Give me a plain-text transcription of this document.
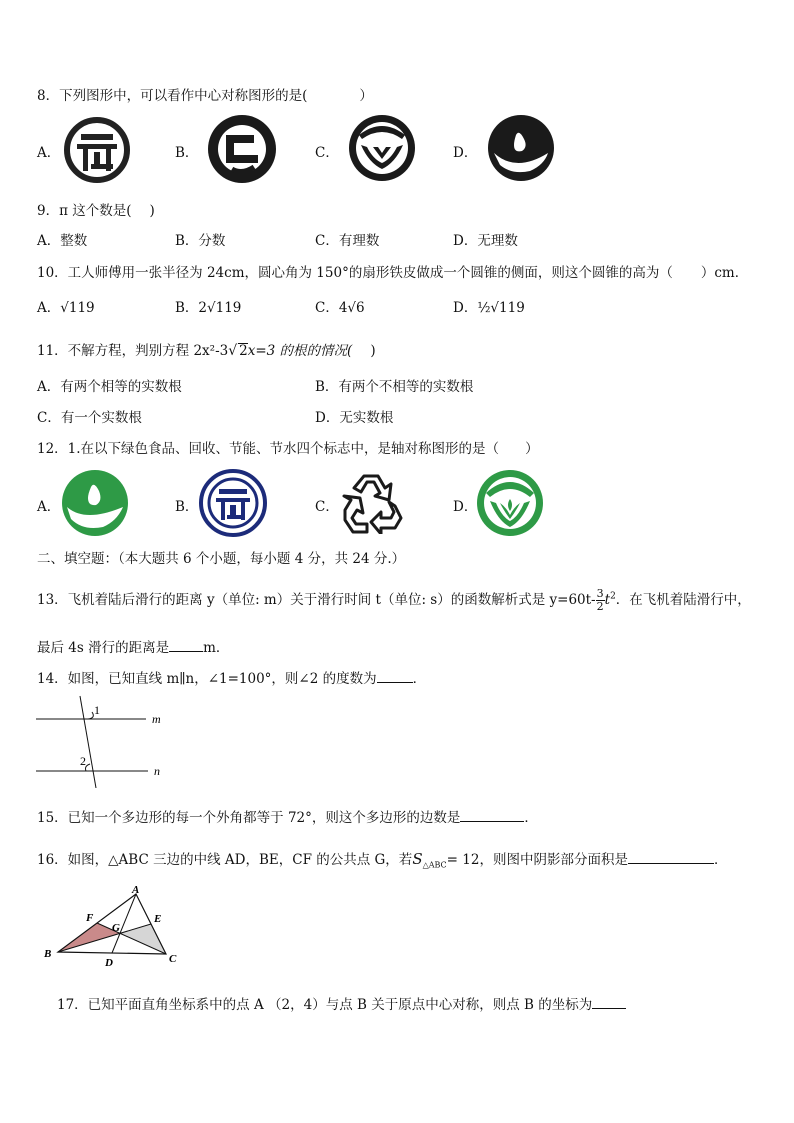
8．下列图形中，可以看作中心对称图形的是(	）
A．	B．	C．	D．
9．π 这个数是( )
A．整数	B．分数	C．有理数	D．无理数
10．工人师傅用一张半径为 24cm，圆心角为 150°的扇形铁皮做成一个圆锥的侧面，则这个圆锥的高为（ ）cm．
A．√119	B．2√119	C．4√6	D．½√119
11．不解方程，判别方程 2x²-3√ 2x=3 的根的情况( )
A．有两个相等的实数根	B．有两个不相等的实数根
C．有一个实数根	D．无实数根
12．1.在以下绿色食品、回收、节能、节水四个标志中，是轴对称图形的是（ ）
A．	B．	C．	D．
二、填空题：（本大题共 6 个小题，每小题 4 分，共 24 分.）
13．飞机着陆后滑行的距离 y（单位: m）关于滑行时间 t（单位: s）的函数解析式是 $y=60t- \frac{3}{2} t^2$．在飞机着陆滑行中，
最后 4s 滑行的距离是	m．
14．如图，已知直线 m∥n，∠1=100°，则∠2 的度数为	．
1
2
m
n
15．已知一个多边形的每一个外角都等于 72°，则这个多边形的边数是	．
16．如图，△ABC 三边的中线 AD，BE，CF 的公共点 G，若$S_{\triangle ABC}= 12$，则图中阴影部分面积是	．
A
B	C
D
E
F
G
17．已知平面直角坐标系中的点 A （2，4）与点 B 关于原点中心对称，则点 B 的坐标为
